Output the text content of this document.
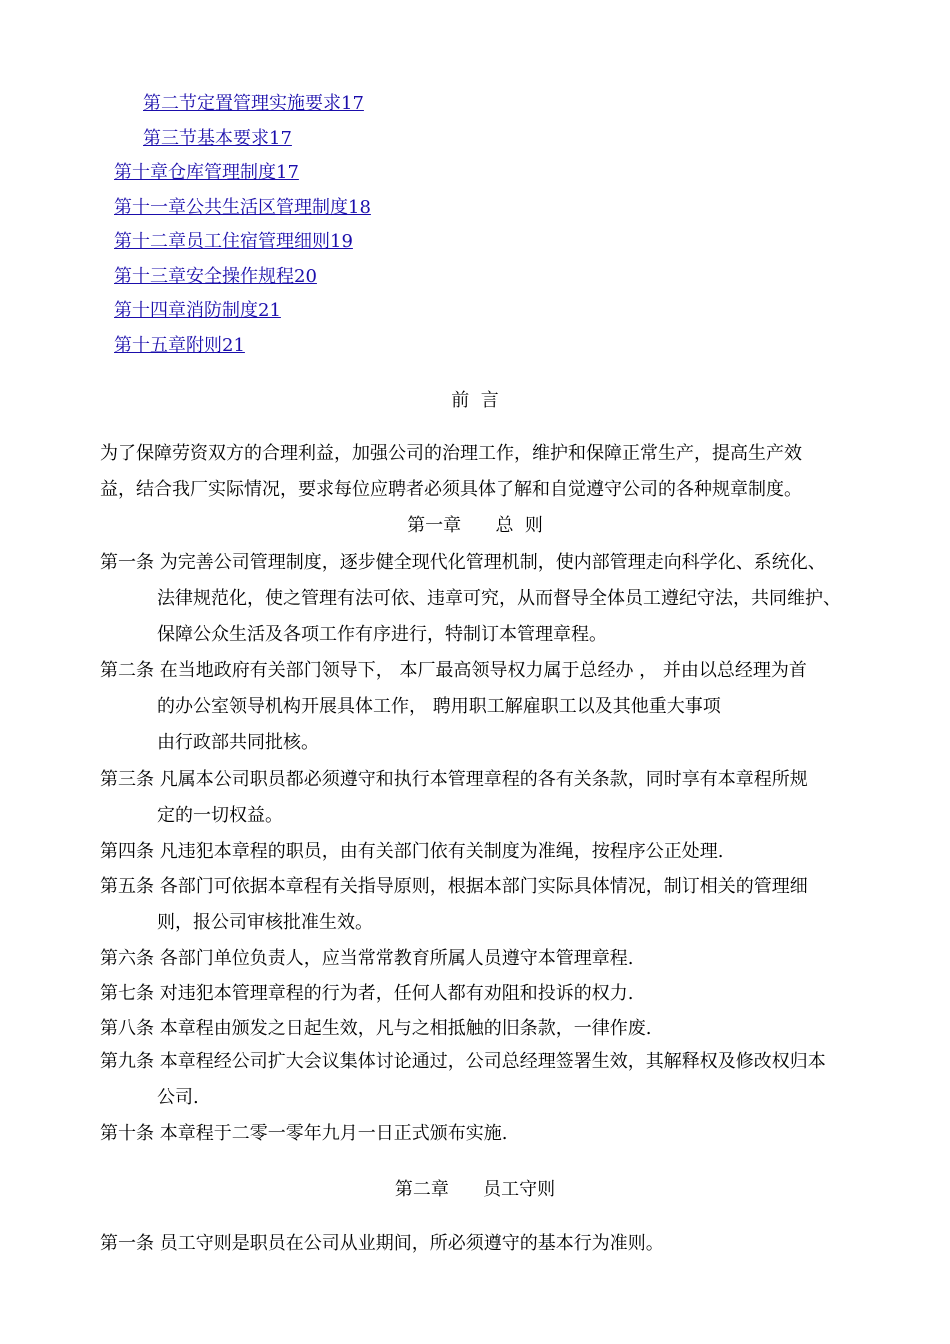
第二节定置管理实施要求17
第三节基本要求17
第十章仓库管理制度17
第十一章公共生活区管理制度18
第十二章员工住宿管理细则19
第十三章安全操作规程20
第十四章消防制度21
第十五章附则21
前  言
为了保障劳资双方的合理利益，加强公司的治理工作，维护和保障正常生产，提高生产效
益，结合我厂实际情况，要求每位应聘者必须具体了解和自觉遵守公司的各种规章制度。
第一章      总  则
第一条 为完善公司管理制度，逐步健全现代化管理机制，使内部管理走向科学化、系统化、
法律规范化，使之管理有法可依、违章可究，从而督导全体员工遵纪守法，共同维护、
保障公众生活及各项工作有序进行，特制订本管理章程。
第二条 在当地政府有关部门领导下， 本厂最高领导权力属于总经办 ， 并由以总经理为首
的办公室领导机构开展具体工作， 聘用职工解雇职工以及其他重大事项
由行政部共同批核。
第三条 凡属本公司职员都必须遵守和执行本管理章程的各有关条款，同时享有本章程所规
定的一切权益。
第四条 凡违犯本章程的职员，由有关部门依有关制度为准绳，按程序公正处理.
第五条 各部门可依据本章程有关指导原则，根据本部门实际具体情况，制订相关的管理细
则，报公司审核批准生效。
第六条 各部门单位负责人，应当常常教育所属人员遵守本管理章程.
第七条 对违犯本管理章程的行为者，任何人都有劝阻和投诉的权力.
第八条 本章程由颁发之日起生效，凡与之相抵触的旧条款，一律作废.
第九条 本章程经公司扩大会议集体讨论通过，公司总经理签署生效，其解释权及修改权归本
公司.
第十条 本章程于二零一零年九月一日正式颁布实施.
第二章      员工守则
第一条 员工守则是职员在公司从业期间，所必须遵守的基本行为准则。
